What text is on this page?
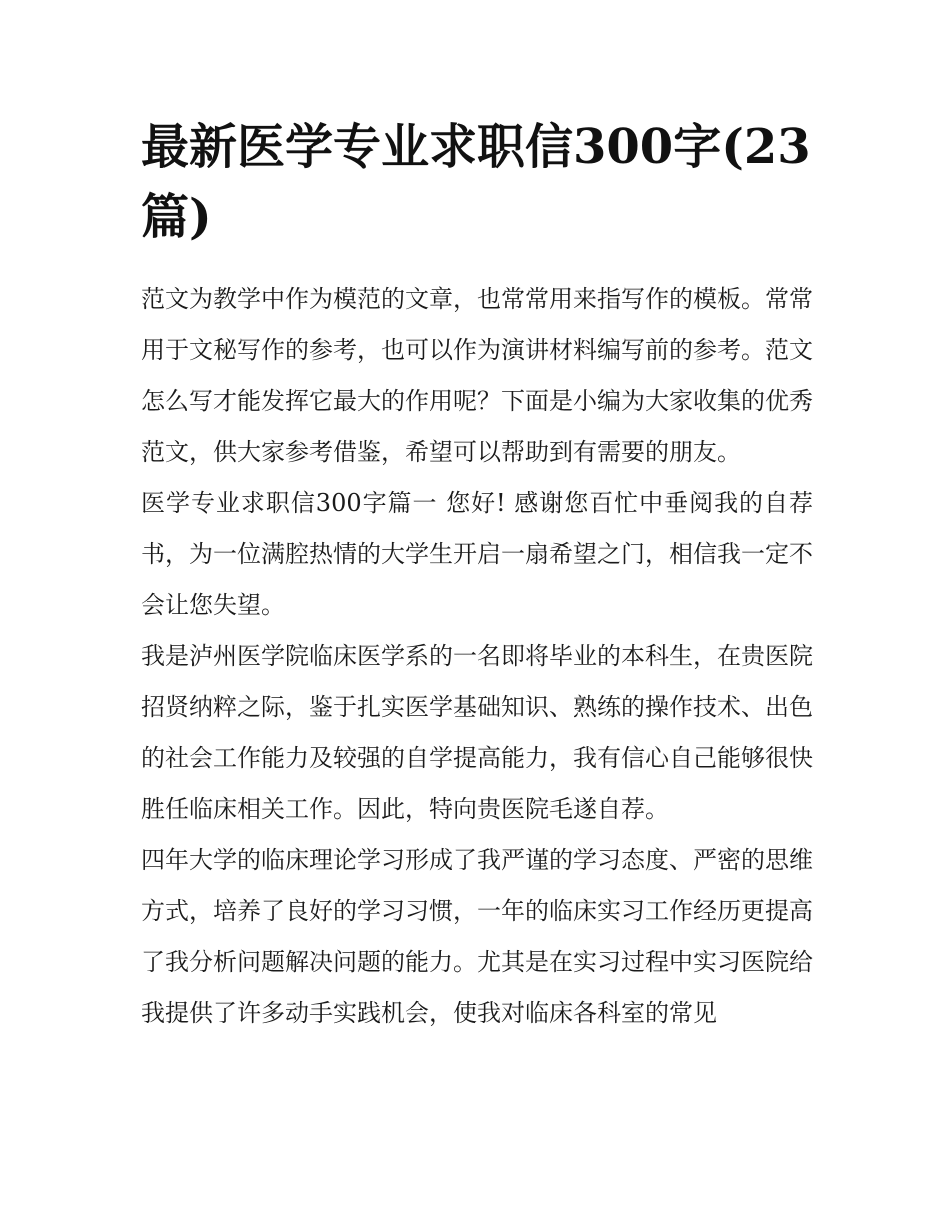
最新医学专业求职信300字(23篇)

范文为教学中作为模范的文章，也常常用来指写作的模板。常常用于文秘写作的参考，也可以作为演讲材料编写前的参考。范文怎么写才能发挥它最大的作用呢？下面是小编为大家收集的优秀范文，供大家参考借鉴，希望可以帮助到有需要的朋友。

医学专业求职信300字篇一 您好! 感谢您百忙中垂阅我的自荐书，为一位满腔热情的大学生开启一扇希望之门，相信我一定不会让您失望。

我是泸州医学院临床医学系的一名即将毕业的本科生，在贵医院招贤纳粹之际，鉴于扎实医学基础知识、熟练的操作技术、出色的社会工作能力及较强的自学提高能力，我有信心自己能够很快胜任临床相关工作。因此，特向贵医院毛遂自荐。

四年大学的临床理论学习形成了我严谨的学习态度、严密的思维方式，培养了良好的学习习惯，一年的临床实习工作经历更提高了我分析问题解决问题的能力。尤其是在实习过程中实习医院给我提供了许多动手实践机会，使我对临床各科室的常见
